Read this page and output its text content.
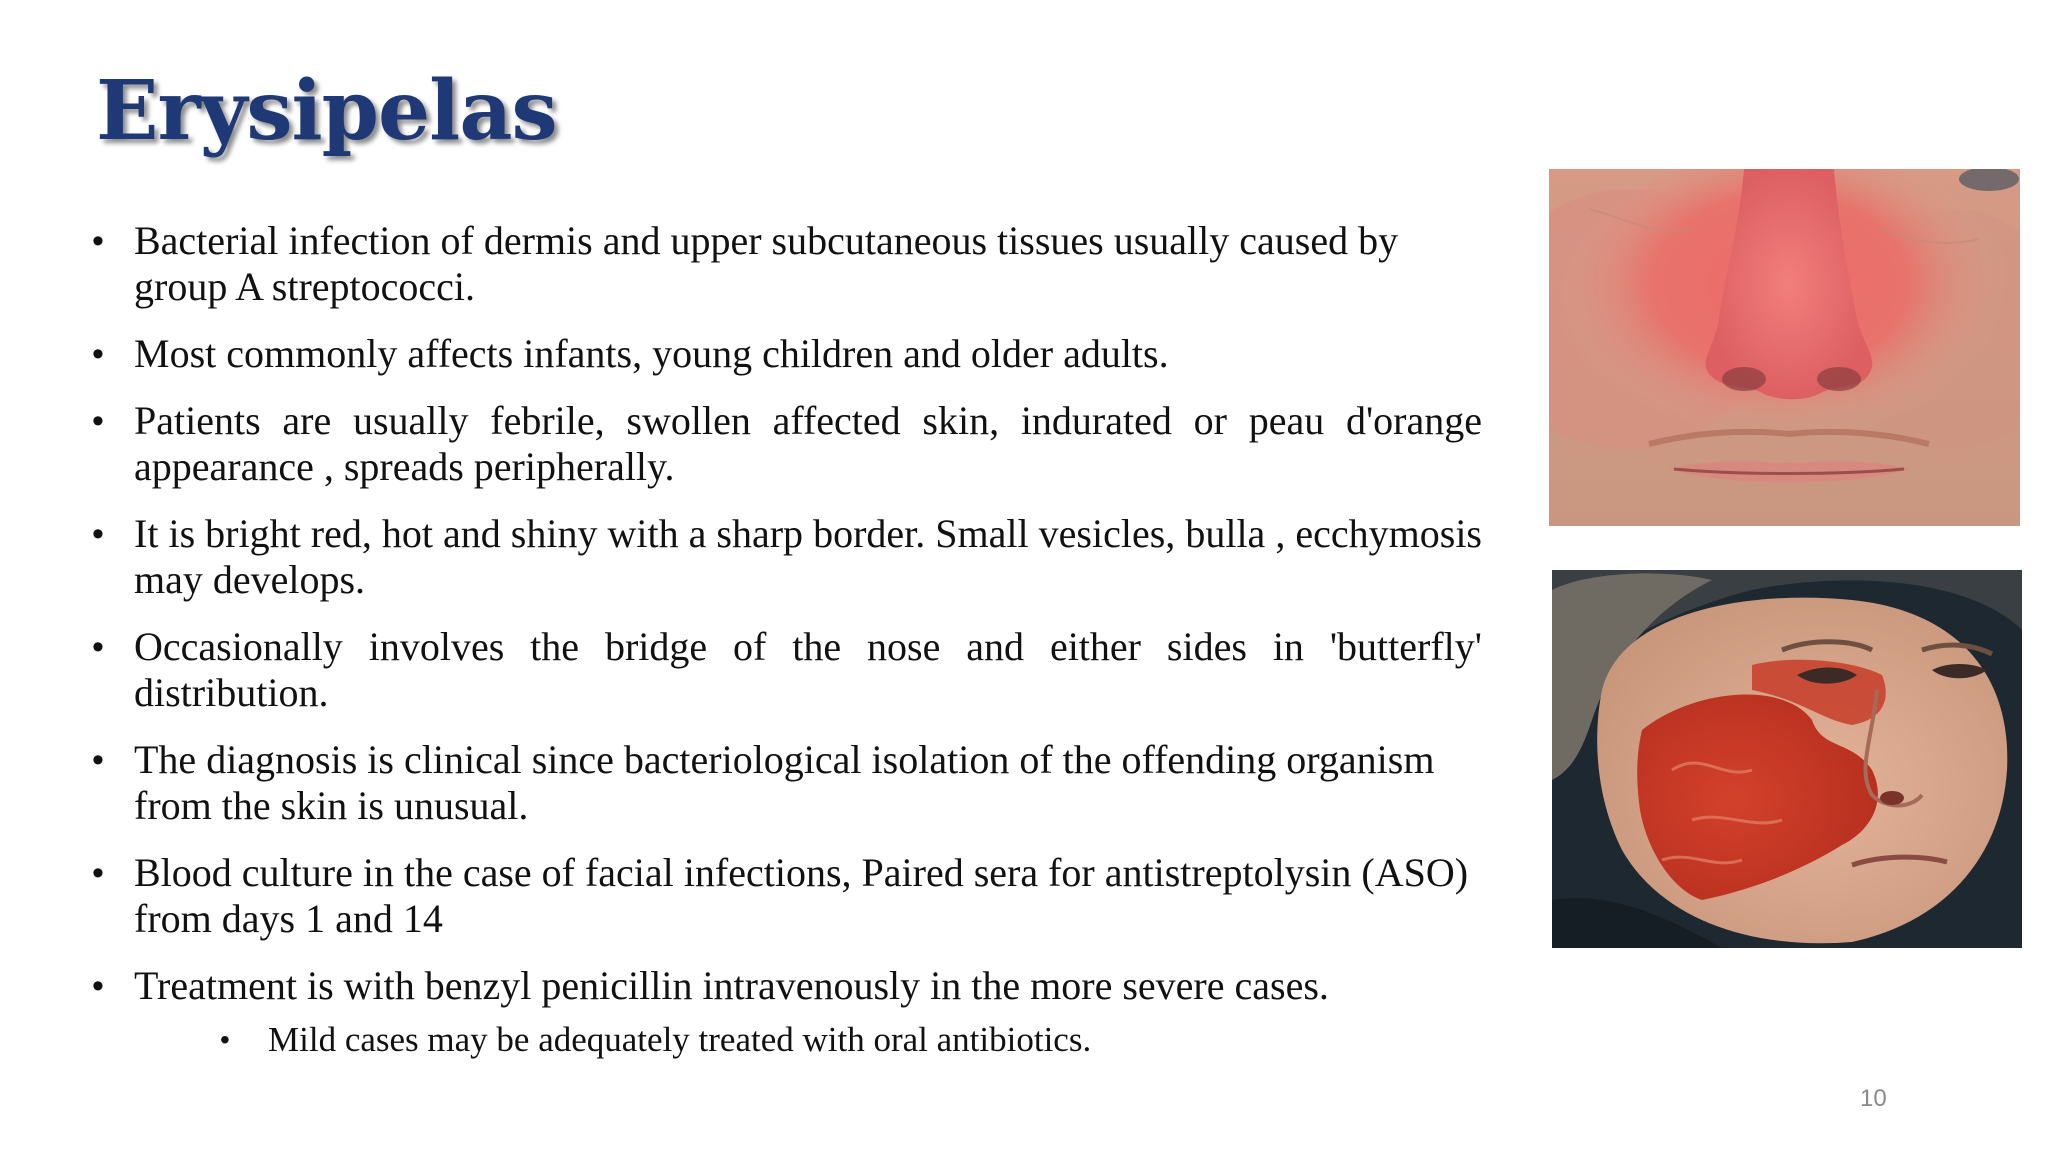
Erysipelas
• Bacterial infection of dermis and upper subcutaneous tissues usually caused by group A streptococci.
• Most commonly affects infants, young children and older adults.
• Patients are usually febrile, swollen affected skin, indurated or peau d'orange appearance , spreads peripherally.
• It is bright red, hot and shiny with a sharp border. Small vesicles, bulla , ecchymosis may develops.
• Occasionally involves the bridge of the nose and either sides in 'butterfly' distribution.
• The diagnosis is clinical since bacteriological isolation of the offending organism from the skin is unusual.
• Blood culture in the case of facial infections, Paired sera for antistreptolysin (ASO) from days 1 and 14
• Treatment is with benzyl penicillin intravenously in the more severe cases.
• Mild cases may be adequately treated with oral antibiotics.
10
